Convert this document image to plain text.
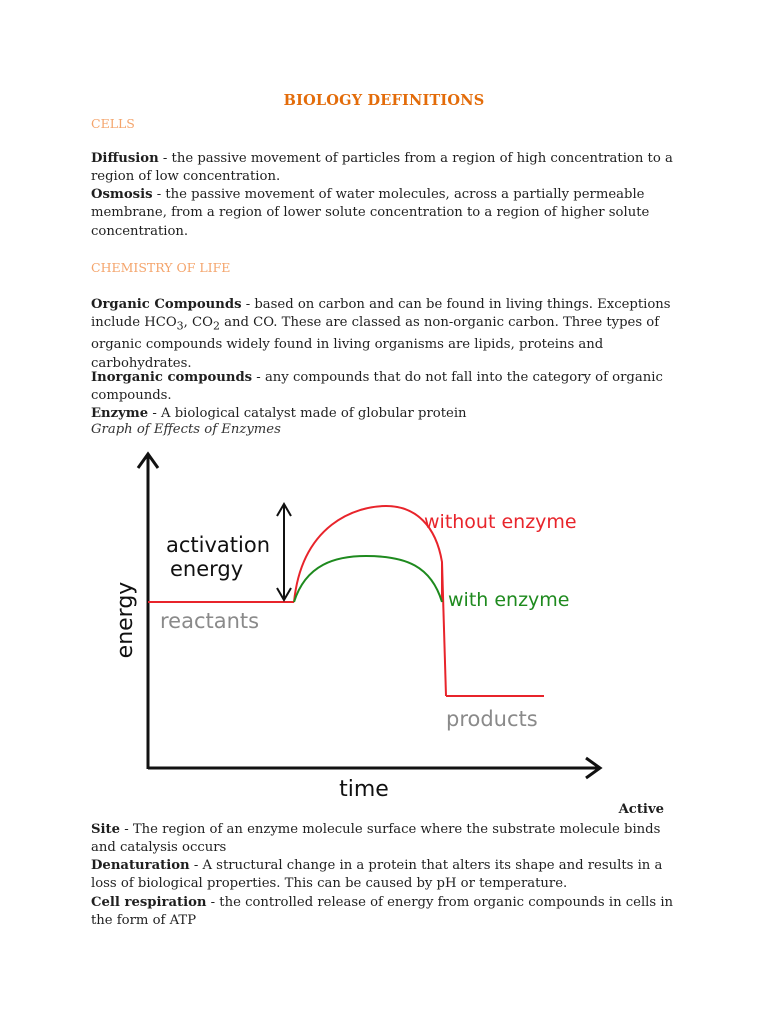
BIOLOGY DEFINITIONS
CELLS
Diffusion - the passive movement of particles from a region of high concentration to a region of low concentration.
Osmosis - the passive movement of water molecules, across a partially permeable membrane, from a region of lower solute concentration to a region of higher solute concentration.
CHEMISTRY OF LIFE
Organic Compounds - based on carbon and can be found in living things. Exceptions include $HCO_3$, $CO_2$ and CO. These are classed as non-organic carbon. Three types of organic compounds widely found in living organisms are lipids, proteins and carbohydrates.
Inorganic compounds - any compounds that do not fall into the category of organic compounds.
Enzyme - A biological catalyst made of globular protein
Graph of Effects of Enzymes
energy
time
activation
energy
reactants
products
without enzyme
with enzyme
Active
Site - The region of an enzyme molecule surface where the substrate molecule binds and catalysis occurs
Denaturation - A structural change in a protein that alters its shape and results in a loss of biological properties. This can be caused by pH or temperature.
Cell respiration - the controlled release of energy from organic compounds in cells in the form of ATP
